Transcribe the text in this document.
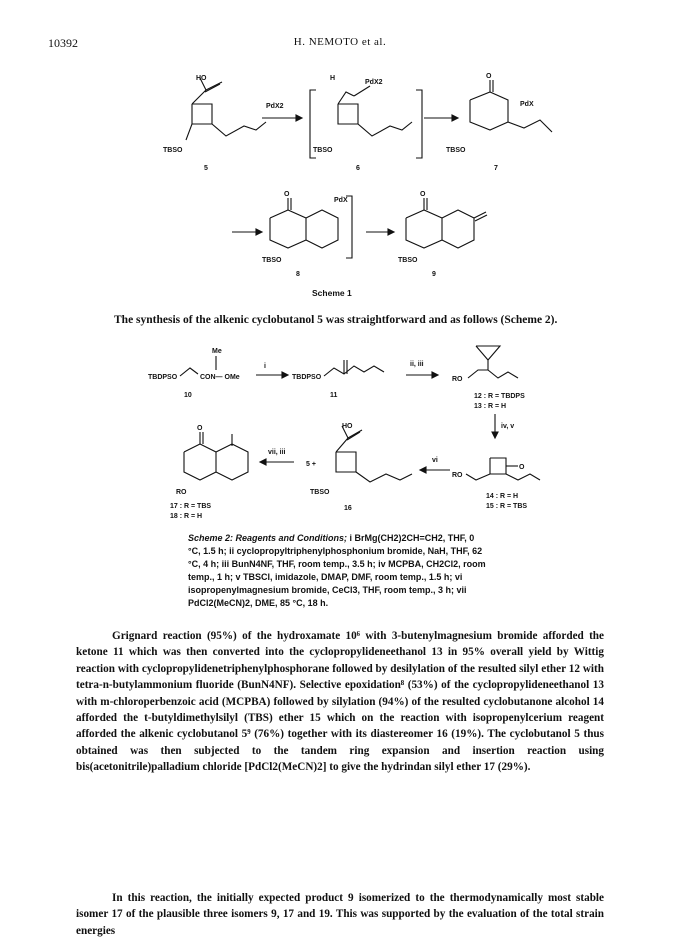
10392	H. NEMOTO et al.
HO
TBSO
5
PdX2
H
PdX2
TBSO
6
O
PdX
TBSO
7
O
PdX
TBSO
8
O
TBSO
9
Scheme 1
The synthesis of the alkenic cyclobutanol 5 was straightforward and as follows (Scheme 2).
TBDPSO	CON— OMe
Me
10
i
TBDPSO
11
ii, iii
RO
12 : R = TBDPS
13 : R = H
iv, v
O
RO
14 : R = H
15 : R = TBS
vi
HO
TBSO
16
5 +
vii, iii
O
RO
17 : R = TBS
18 : R = H
Scheme 2: Reagents and Conditions; i BrMg(CH2)2CH=CH2, THF, 0 °C, 1.5 h; ii cyclopropyltriphenylphosphonium bromide, NaH, THF, 62 °C, 4 h; iii BunN4NF, THF, room temp., 3.5 h; iv MCPBA, CH2Cl2, room temp., 1 h; v TBSCl, imidazole, DMAP, DMF, room temp., 1.5 h; vi isopropenylmagnesium bromide, CeCl3, THF, room temp., 3 h; vii PdCl2(MeCN)2, DME, 85 °C, 18 h.
Grignard reaction (95%) of the hydroxamate 10⁶ with 3-butenylmagnesium bromide afforded the ketone 11 which was then converted into the cyclopropylideneethanol 13 in 95% overall yield by Wittig reaction with cyclopropylidenetriphenylphosphorane followed by desilylation of the resulted silyl ether 12 with tetra-n-butylammonium fluoride (BunN4NF). Selective epoxidation⁸ (53%) of the cyclopropylideneethanol 13 with m-chloroperbenzoic acid (MCPBA) followed by silylation (94%) of the resulted cyclobutanone alcohol 14 afforded the t-butyldimethylsilyl (TBS) ether 15 which on the reaction with isopropenylcerium reagent afforded the alkenic cyclobutanol 5⁹ (76%) together with its diastereomer 16 (19%). The cyclobutanol 5 thus obtained was then subjected to the tandem ring expansion and insertion reaction using bis(acetonitrile)palladium chloride [PdCl2(MeCN)2] to give the hydrindan silyl ether 17 (29%).
In this reaction, the initially expected product 9 isomerized to the thermodynamically most stable isomer 17 of the plausible three isomers 9, 17 and 19. This was supported by the evaluation of the total strain energies
